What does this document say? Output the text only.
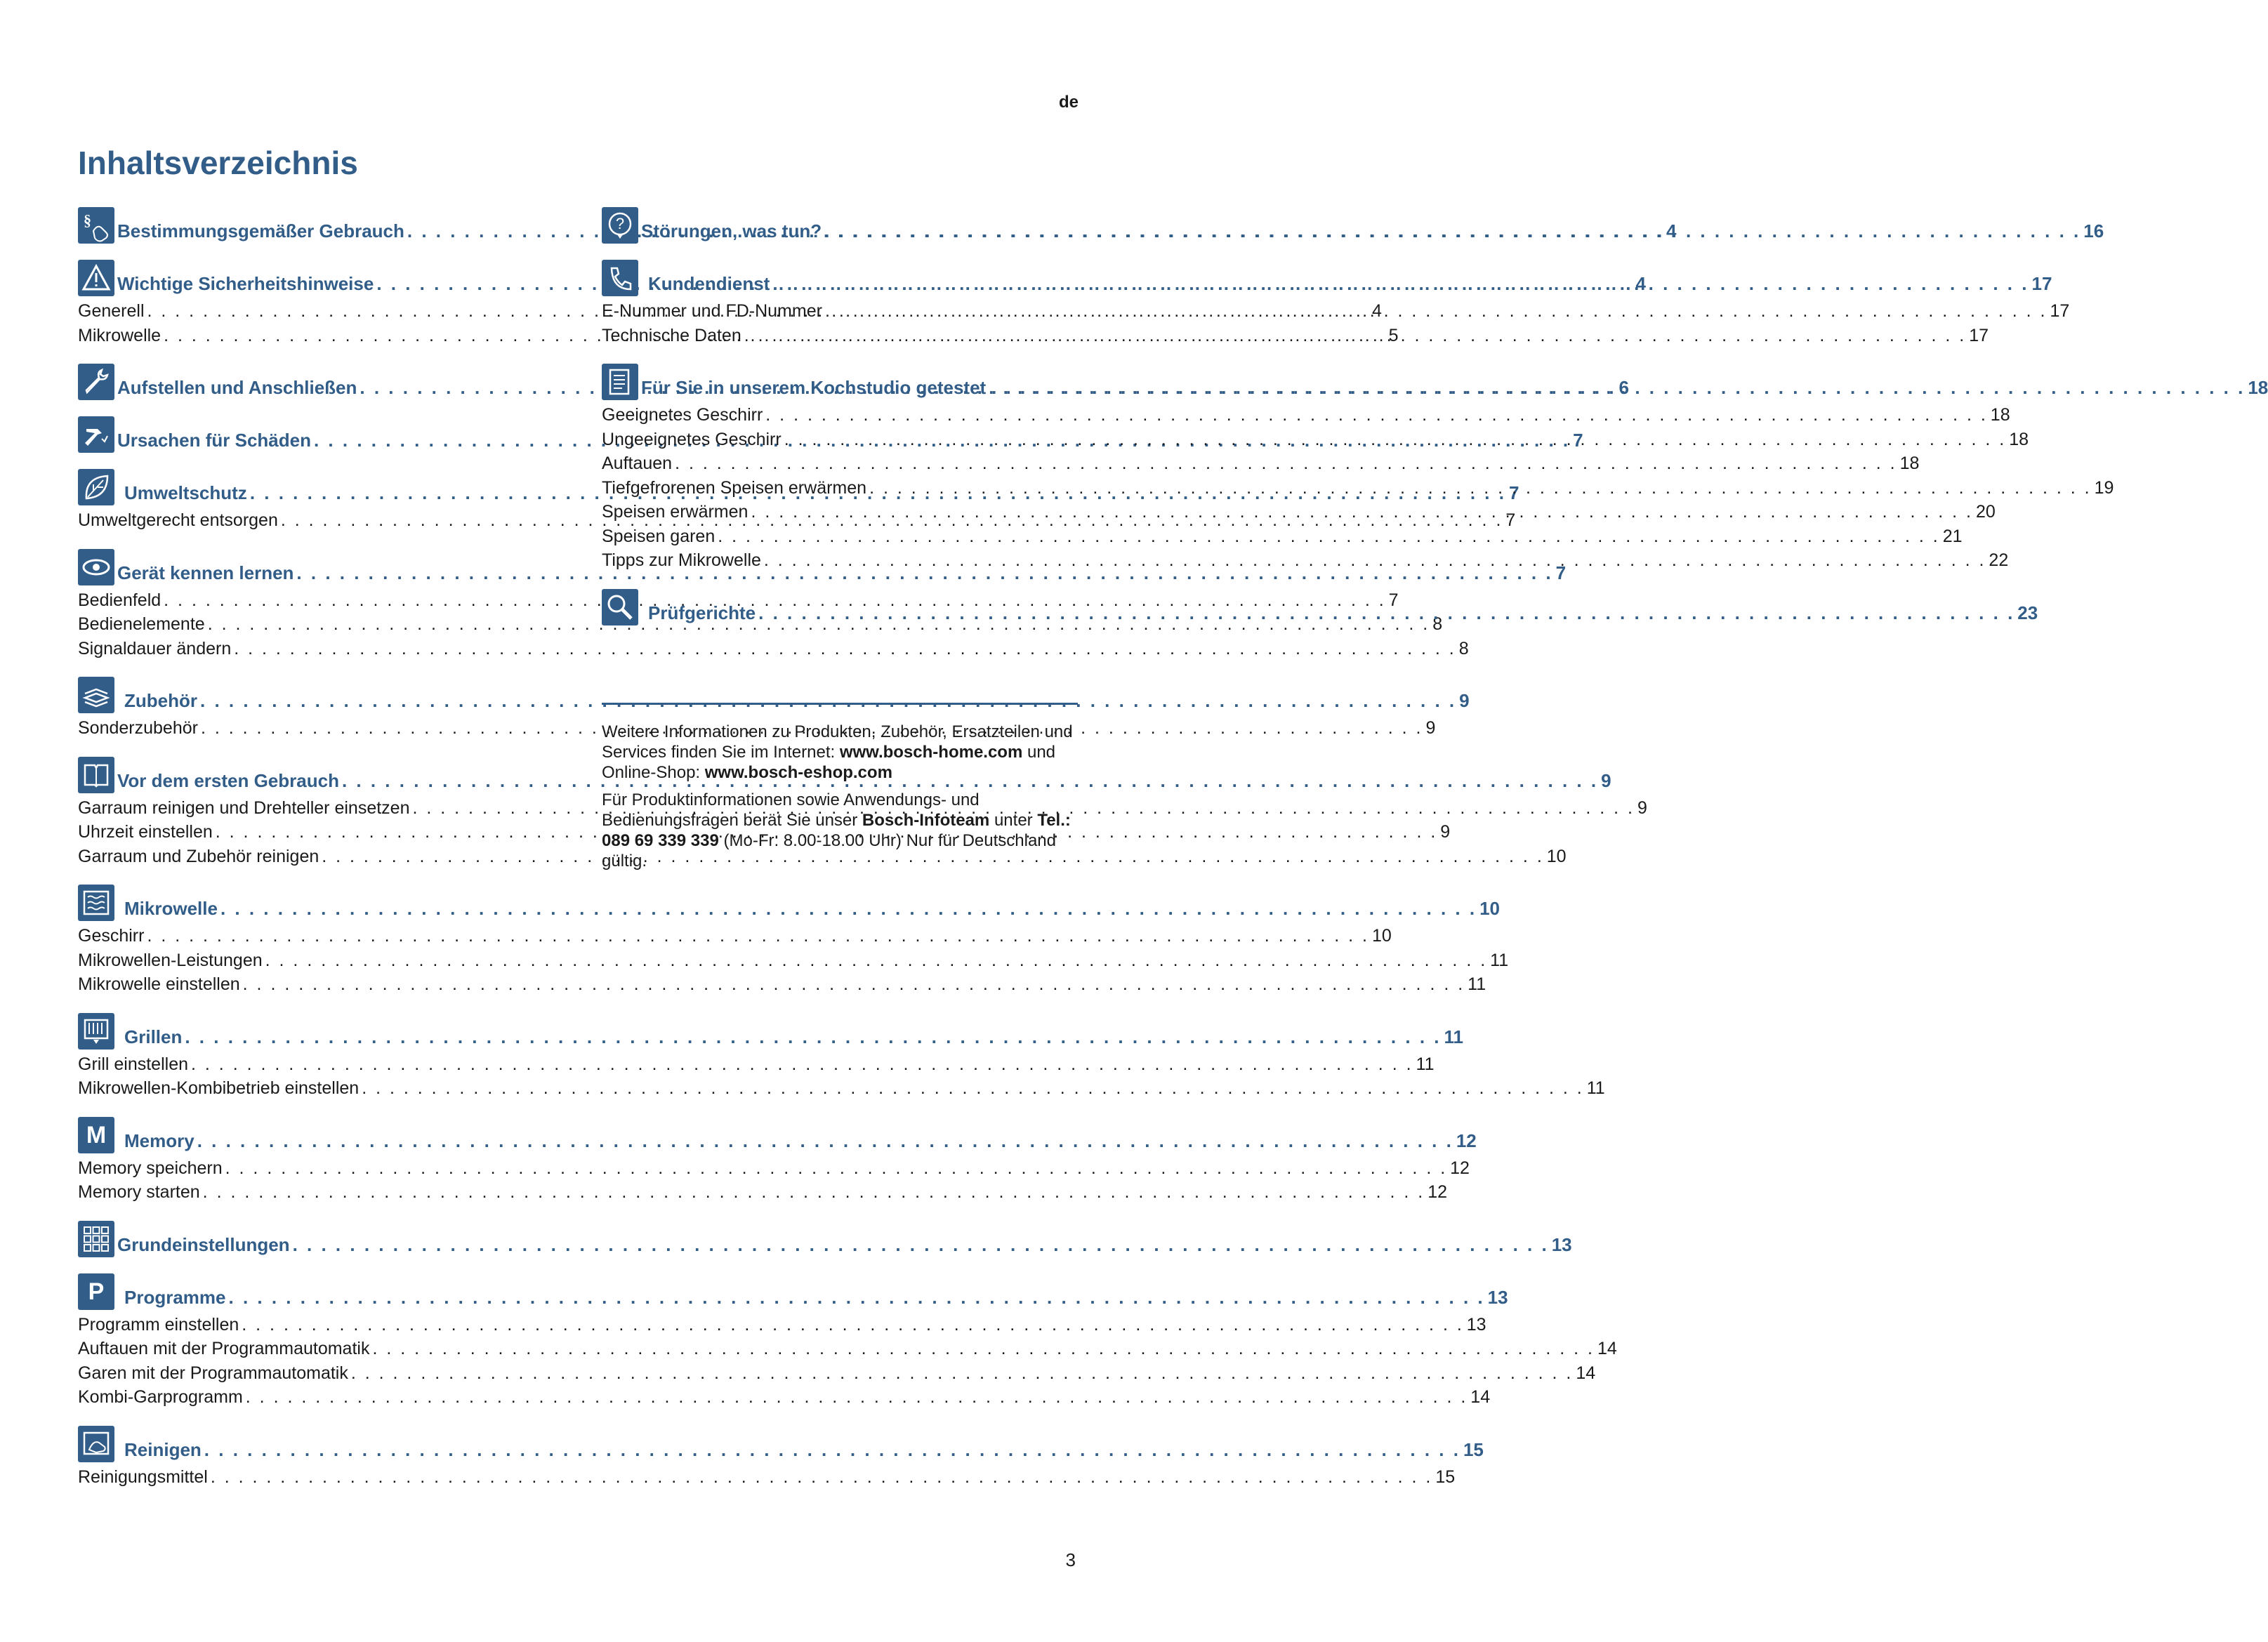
de
Inhaltsverzeichnis
§
Bestimmungsgemäßer Gebrauch . . .	4
Wichtige Sicherheitshinweise . . .	4
Generell . . .	4
Mikrowelle . . .	5
Aufstellen und Anschließen . . .	6
Ursachen für Schäden . . .	7
Umweltschutz . . .	7
Umweltgerecht entsorgen . . .	7
Gerät kennen lernen . . .	7
Bedienfeld . . .	7
Bedienelemente . . .	8
Signaldauer ändern . . .	8
Zubehör . . .	9
Sonderzubehör . . .	9
Vor dem ersten Gebrauch . . .	9
Garraum reinigen und Drehteller einsetzen . . .	9
Uhrzeit einstellen . . .	9
Garraum und Zubehör reinigen . . .	10
Mikrowelle . . .	10
Geschirr . . .	10
Mikrowellen-Leistungen . . .	11
Mikrowelle einstellen . . .	11
Grillen . . .	11
Grill einstellen . . .	11
Mikrowellen-Kombibetrieb einstellen . . .	11
M Memory . . .	12
Memory speichern . . .	12
Memory starten . . .	12
Grundeinstellungen . . .	13
P Programme . . .	13
Programm einstellen . . .	13
Auftauen mit der Programmautomatik . . .	14
Garen mit der Programmautomatik . . .	14
Kombi-Garprogramm . . .	14
Reinigen . . .	15
Reinigungsmittel . . .	15
? Störungen, was tun? . . .	16
Kundendienst . . .	17
E-Nummer und FD-Nummer . . .	17
Technische Daten . . .	17
Für Sie in unserem Kochstudio getestet . . .	18
Geeignetes Geschirr . . .	18
Ungeeignetes Geschirr . . .	18
Auftauen . . .	18
Tiefgefrorenen Speisen erwärmen . . .	19
Speisen erwärmen . . .	20
Speisen garen . . .	21
Tipps zur Mikrowelle . . .	22
Prüfgerichte . . .	23

Weitere Informationen zu Produkten, Zubehör, Ersatzteilen und Services finden Sie im Internet: www.bosch-home.com und Online-Shop: www.bosch-eshop.com

Für Produktinformationen sowie Anwendungs- und Bedienungsfragen berät Sie unser Bosch-Infoteam unter Tel.: 089 69 339 339 (Mo-Fr: 8.00-18.00 Uhr) Nur für Deutschland gültig.

3
